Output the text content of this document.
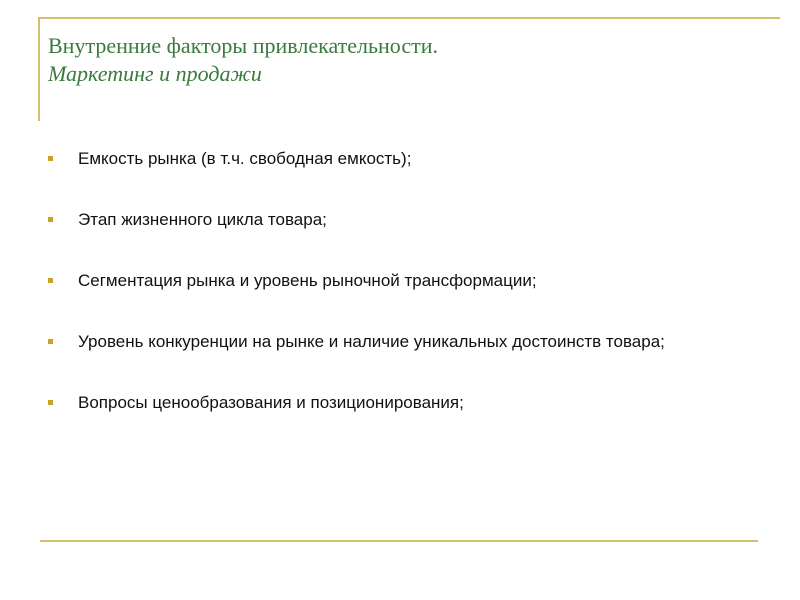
Внутренние факторы привлекательности.

Маркетинг и продажи

Емкость рынка (в т.ч. свободная емкость);
Этап жизненного цикла товара;
Сегментация рынка и уровень рыночной трансформации;
Уровень конкуренции на рынке и наличие уникальных достоинств товара;
Вопросы ценообразования и позиционирования;
